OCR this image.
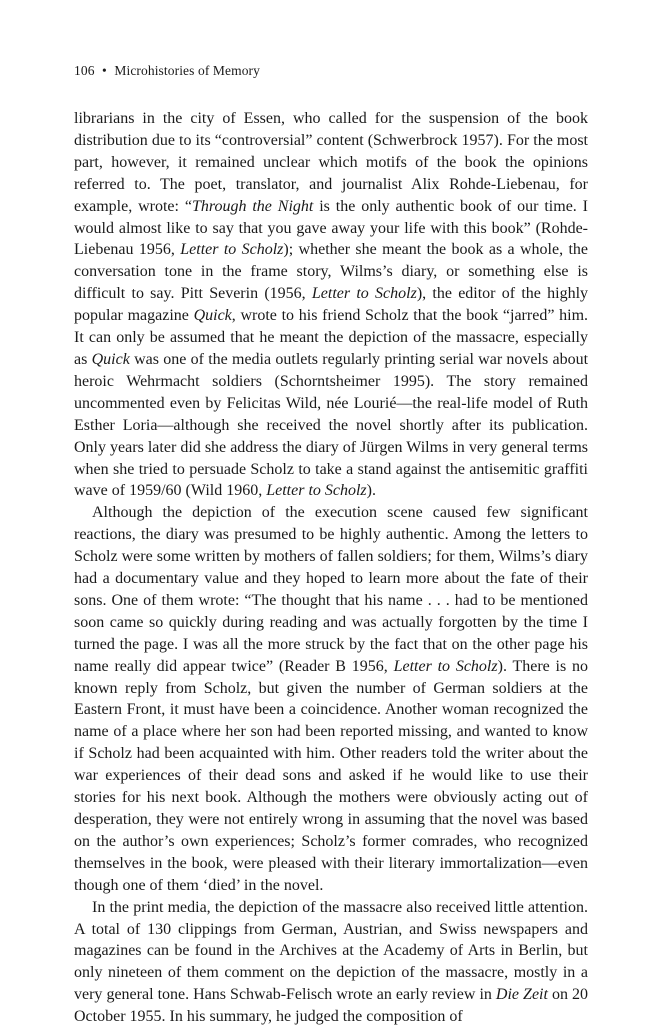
106 • Microhistories of Memory

librarians in the city of Essen, who called for the suspension of the book distribution due to its “controversial” content (Schwerbrock 1957). For the most part, however, it remained unclear which motifs of the book the opinions referred to. The poet, translator, and journalist Alix Rohde-Liebenau, for example, wrote: “Through the Night is the only authentic book of our time. I would almost like to say that you gave away your life with this book” (Rohde-Liebenau 1956, Letter to Scholz); whether she meant the book as a whole, the conversation tone in the frame story, Wilms’s diary, or something else is difficult to say. Pitt Severin (1956, Letter to Scholz), the editor of the highly popular magazine Quick, wrote to his friend Scholz that the book “jarred” him. It can only be assumed that he meant the depiction of the massacre, especially as Quick was one of the media outlets regularly printing serial war novels about heroic Wehrmacht soldiers (Schorntsheimer 1995). The story remained uncommented even by Felicitas Wild, née Lourié—the real-life model of Ruth Esther Loria—although she received the novel shortly after its publication. Only years later did she address the diary of Jürgen Wilms in very general terms when she tried to persuade Scholz to take a stand against the antisemitic graffiti wave of 1959/60 (Wild 1960, Letter to Scholz).

Although the depiction of the execution scene caused few significant reactions, the diary was presumed to be highly authentic. Among the letters to Scholz were some written by mothers of fallen soldiers; for them, Wilms’s diary had a documentary value and they hoped to learn more about the fate of their sons. One of them wrote: “The thought that his name . . . had to be mentioned soon came so quickly during reading and was actually forgotten by the time I turned the page. I was all the more struck by the fact that on the other page his name really did appear twice” (Reader B 1956, Letter to Scholz). There is no known reply from Scholz, but given the number of German soldiers at the Eastern Front, it must have been a coincidence. Another woman recognized the name of a place where her son had been reported missing, and wanted to know if Scholz had been acquainted with him. Other readers told the writer about the war experiences of their dead sons and asked if he would like to use their stories for his next book. Although the mothers were obviously acting out of desperation, they were not entirely wrong in assuming that the novel was based on the author’s own experiences; Scholz’s former comrades, who recognized themselves in the book, were pleased with their literary immortalization—even though one of them ‘died’ in the novel.

In the print media, the depiction of the massacre also received little attention. A total of 130 clippings from German, Austrian, and Swiss newspapers and magazines can be found in the Archives at the Academy of Arts in Berlin, but only nineteen of them comment on the depiction of the massacre, mostly in a very general tone. Hans Schwab-Felisch wrote an early review in Die Zeit on 20 October 1955. In his summary, he judged the composition of
